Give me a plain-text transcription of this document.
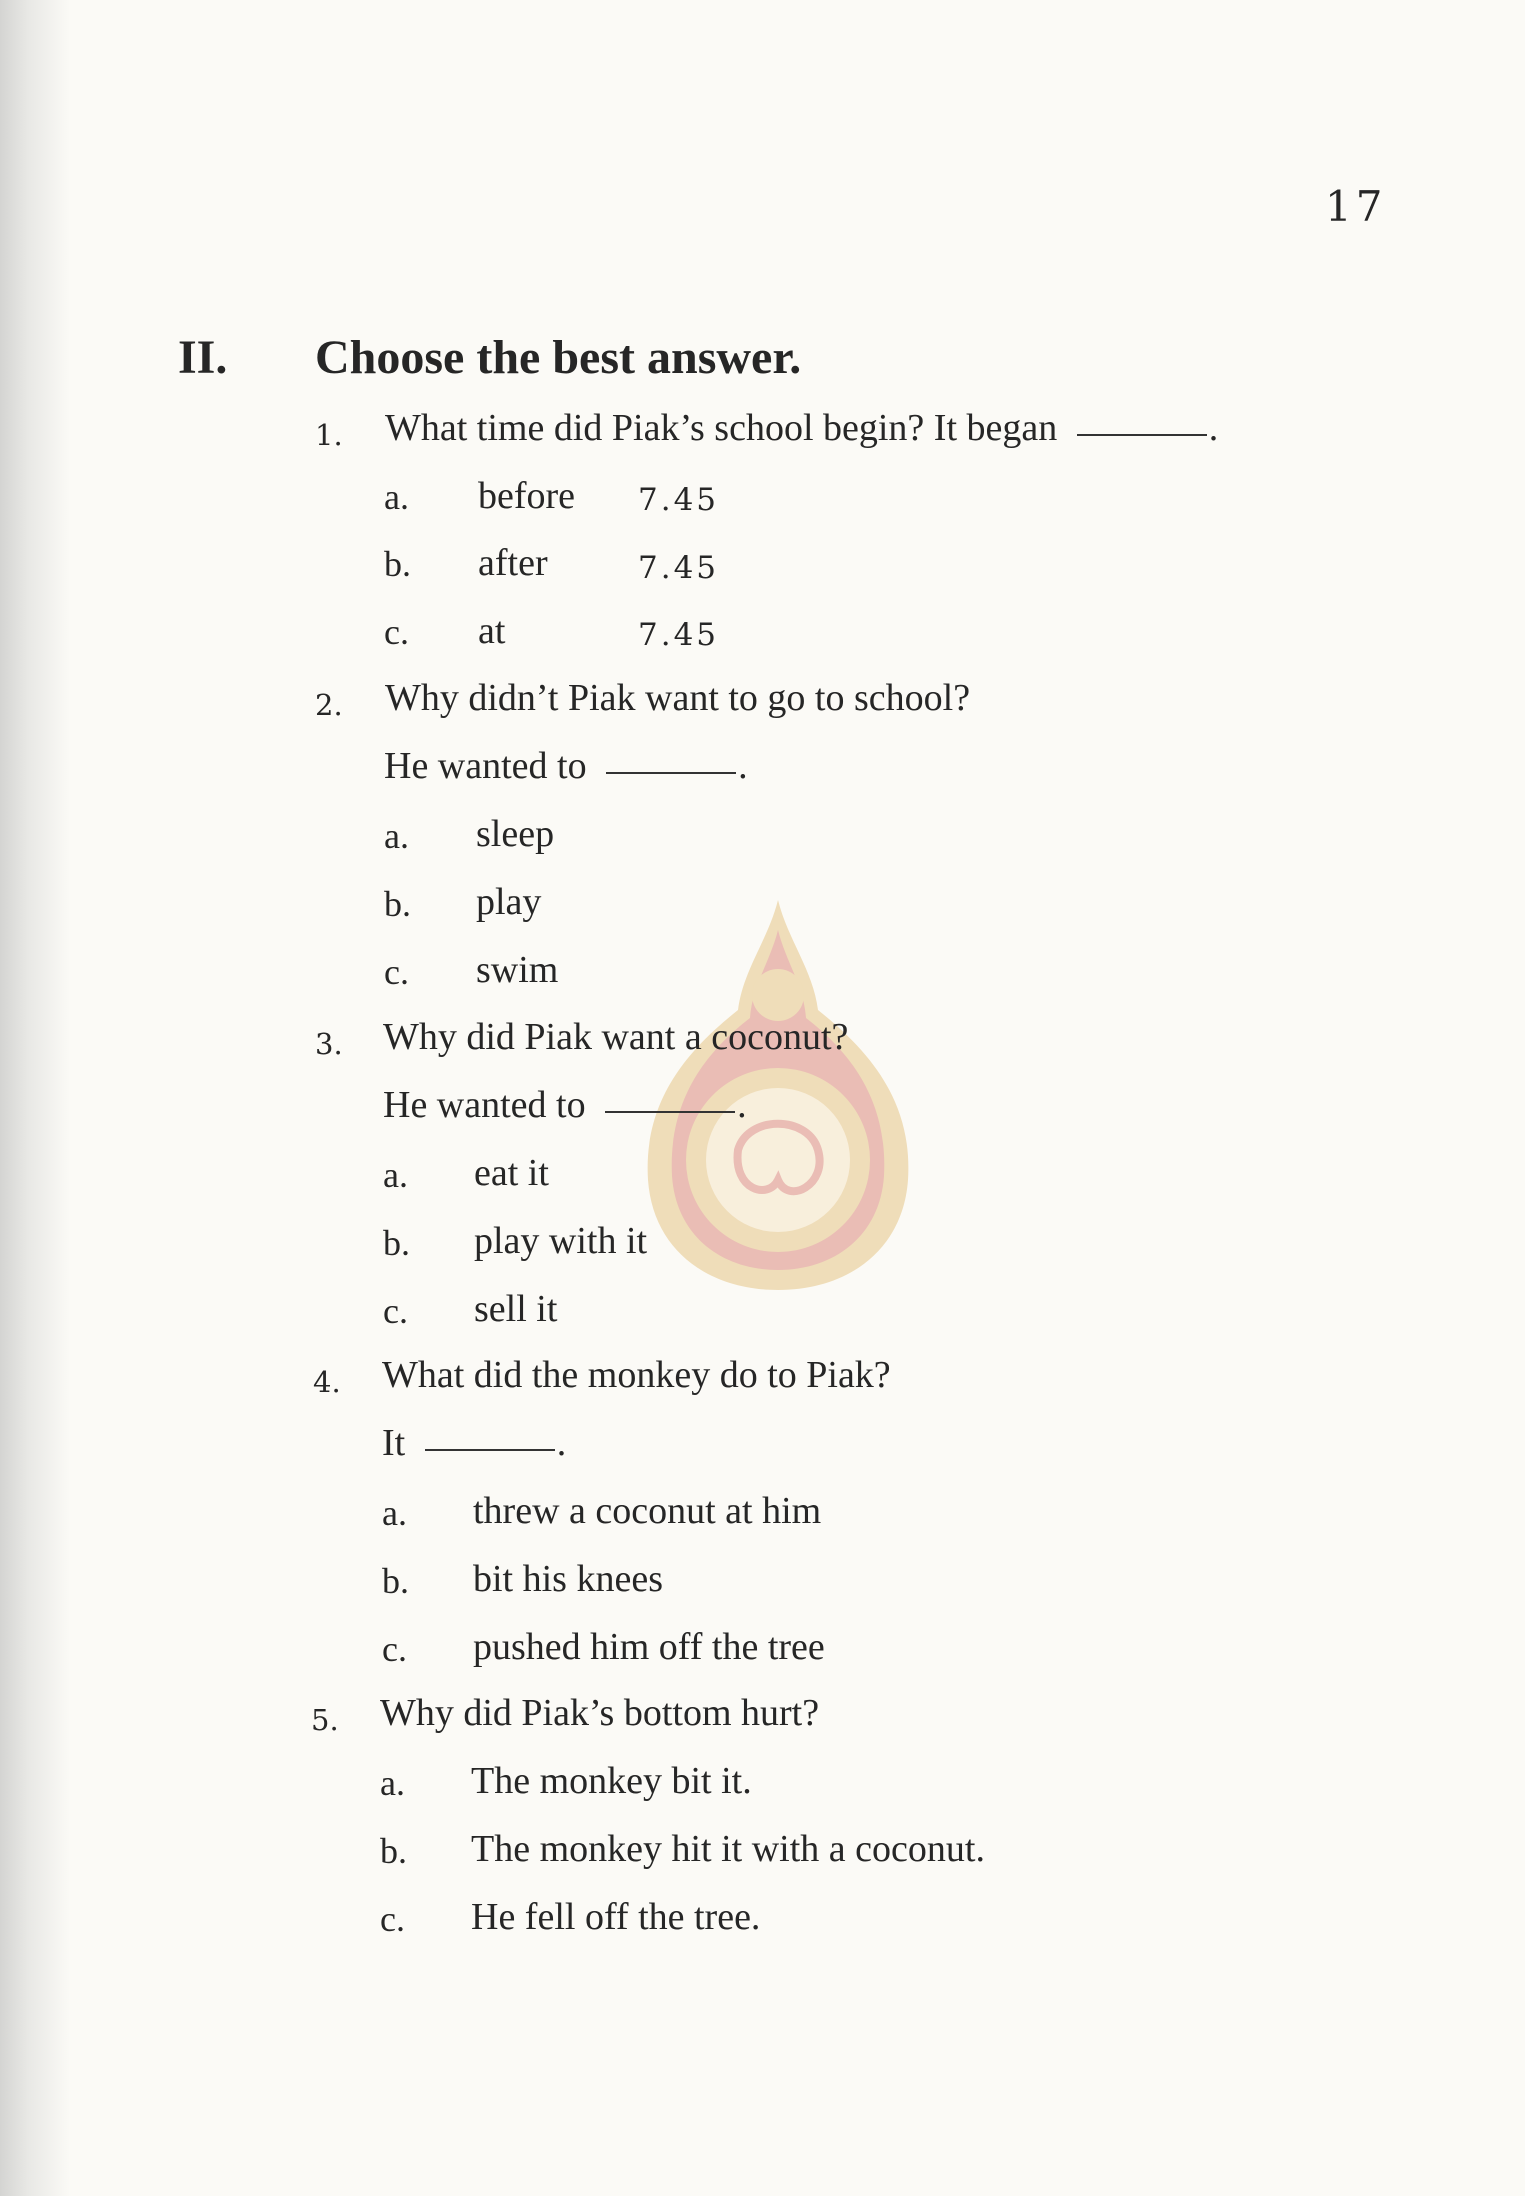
17
II. Choose the best answer.
1. What time did Piak’s school begin? It began	.
a. before 7.45
b. after	7.45
c. at	7.45
2. Why didn’t Piak want to go to school?
He wanted to	.
a. sleep
b. play
c. swim
3. Why did Piak want a coconut?
He wanted to	.
a. eat it
b. play with it
c. sell it
4. What did the monkey do to Piak?
It	.
a. threw a coconut at him
b. bit his knees
c. pushed him off the tree
5. Why did Piak’s bottom hurt?
a. The monkey bit it.
b. The monkey hit it with a coconut.
c. He fell off the tree.
